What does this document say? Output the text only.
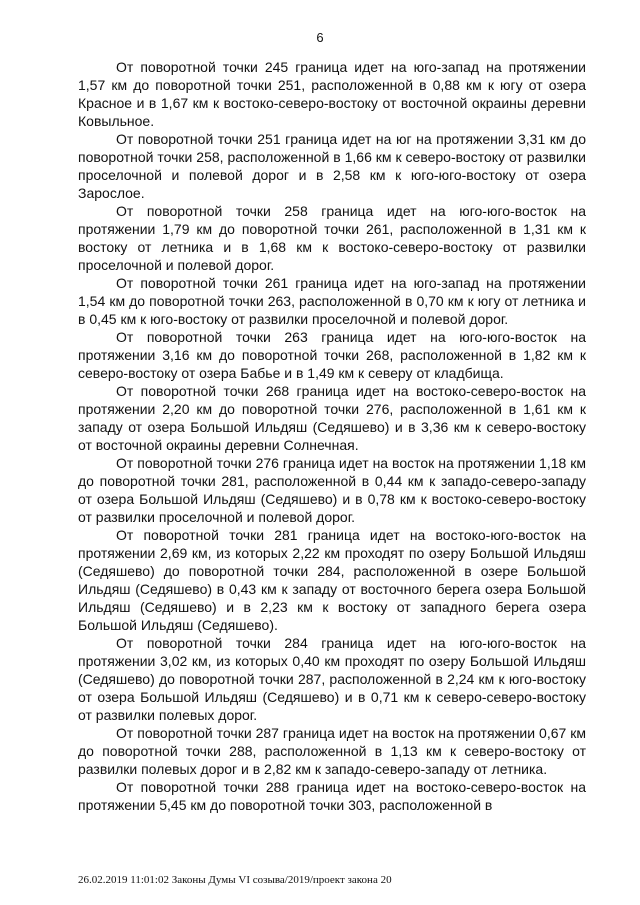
6

От поворотной точки 245 граница идет на юго-запад на протяжении 1,57 км до поворотной точки 251, расположенной в 0,88 км к югу от озера Красное и в 1,67 км к востоко-северо-востоку от восточной окраины деревни Ковыльное.

От поворотной точки 251 граница идет на юг на протяжении 3,31 км до поворотной точки 258, расположенной в 1,66 км к северо-востоку от развилки проселочной и полевой дорог и в 2,58 км к юго-юго-востоку от озера Зарослое.

От поворотной точки 258 граница идет на юго-юго-восток на протяжении 1,79 км до поворотной точки 261, расположенной в 1,31 км к востоку от летника и в 1,68 км к востоко-северо-востоку от развилки проселочной и полевой дорог.

От поворотной точки 261 граница идет на юго-запад на протяжении 1,54 км до поворотной точки 263, расположенной в 0,70 км к югу от летника и в 0,45 км к юго-востоку от развилки проселочной и полевой дорог.

От поворотной точки 263 граница идет на юго-юго-восток на протяжении 3,16 км до поворотной точки 268, расположенной в 1,82 км к северо-востоку от озера Бабье и в 1,49 км к северу от кладбища.

От поворотной точки 268 граница идет на востоко-северо-восток на протяжении 2,20 км до поворотной точки 276, расположенной в 1,61 км к западу от озера Большой Ильдяш (Седяшево) и в 3,36 км к северо-востоку от восточной окраины деревни Солнечная.

От поворотной точки 276 граница идет на восток на протяжении 1,18 км до поворотной точки 281, расположенной в 0,44 км к западо-северо-западу от озера Большой Ильдяш (Седяшево) и в 0,78 км к востоко-северо-востоку от развилки проселочной и полевой дорог.

От поворотной точки 281 граница идет на востоко-юго-восток на протяжении 2,69 км, из которых 2,22 км проходят по озеру Большой Ильдяш (Седяшево) до поворотной точки 284, расположенной в озере Большой Ильдяш (Седяшево) в 0,43 км к западу от восточного берега озера Большой Ильдяш (Седяшево) и в 2,23 км к востоку от западного берега озера Большой Ильдяш (Седяшево).

От поворотной точки 284 граница идет на юго-юго-восток на протяжении 3,02 км, из которых 0,40 км проходят по озеру Большой Ильдяш (Седяшево) до поворотной точки 287, расположенной в 2,24 км к юго-востоку от озера Большой Ильдяш (Седяшево) и в 0,71 км к северо-северо-востоку от развилки полевых дорог.

От поворотной точки 287 граница идет на восток на протяжении 0,67 км до поворотной точки 288, расположенной в 1,13 км к северо-востоку от развилки полевых дорог и в 2,82 км к западо-северо-западу от летника.

От поворотной точки 288 граница идет на востоко-северо-восток на протяжении 5,45 км до поворотной точки 303, расположенной в

26.02.2019 11:01:02 Законы Думы VI созыва/2019/проект закона 20
